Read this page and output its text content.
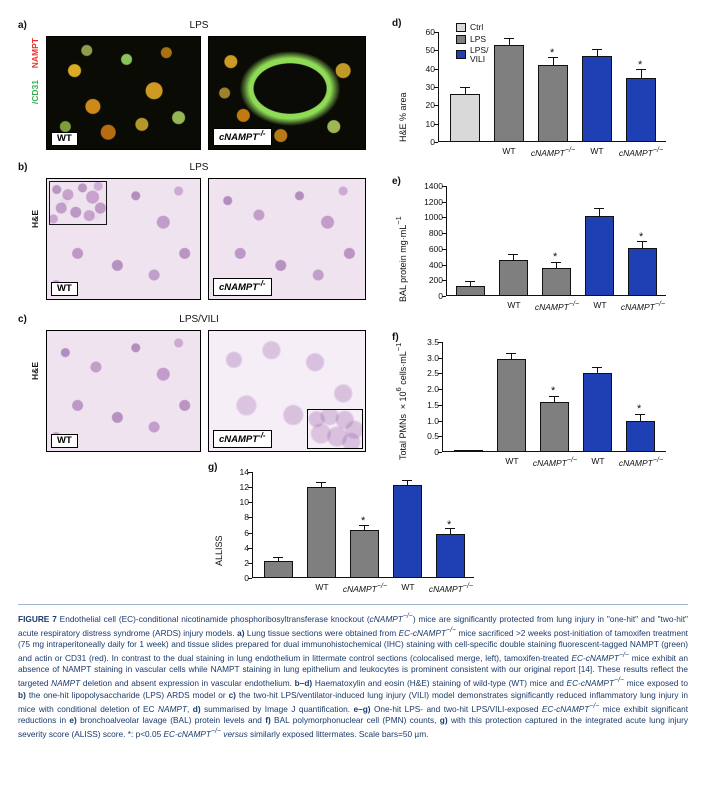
a)	LPS
NAMPT
/CD31
WT	cNAMPT-/-
b)	LPS
H&E
WT	cNAMPT-/-
c)	LPS/VILI
H&E
WT	cNAMPT-/-
d)
H&E % area
Ctrl
LPS
LPS/
VILI
0
10
20
30
40
50
60
*
*
WT	cNAMPT−/−	WT	cNAMPT−/−
e)
BAL protein $mg\cdot mL^{-1}$
0
200
400
600
800
1000
1200
1400
*
*
WT	cNAMPT−/−	WT	cNAMPT−/−
f)
Total PMNs $\times 10^6$ $cells\cdot mL^{-1}$
0
0.5
1.0
1.5
2.0
2.5
3.0
3.5
*
*
WT	cNAMPT−/−	WT	cNAMPT−/−
g)
ALLISS
0
2
4
6
8
10
12
14
*	*
WT	cNAMPT−/−	WT	cNAMPT−/−
FIGURE 7 Endothelial cell (EC)-conditional nicotinamide phosphoribosyltransferase knockout (cNAMPT−/−) mice are significantly protected from lung injury in "one-hit" and "two-hit" acute respiratory distress syndrome (ARDS) injury models. a) Lung tissue sections were obtained from EC-cNAMPT−/− mice sacrificed >2 weeks post-initiation of tamoxifen treatment (75 mg intraperitoneally daily for 1 week) and tissue slides prepared for dual immunohistochemical (IHC) staining with cell-specific double staining fluorescent-tagged NAMPT (green) and actin or CD31 (red). In contrast to the dual staining in lung endothelium in littermate control sections (colocalised merge, left), tamoxifen-treated EC-cNAMPT−/− mice exhibit an absence of NAMPT staining in vascular cells while NAMPT staining in lung epithelium and leukocytes is prominent consistent with our original report [14]. These results reflect the targeted NAMPT deletion and absent expression in vascular endothelium. b–d) Haematoxylin and eosin (H&E) staining of wild-type (WT) mice and EC-cNAMPT−/− mice exposed to b) the one-hit lipopolysaccharide (LPS) ARDS model or c) the two-hit LPS/ventilator-induced lung injury (VILI) model demonstrates significantly reduced inflammatory lung injury in mice with conditional deletion of EC NAMPT, d) summarised by Image J quantification. e–g) One-hit LPS- and two-hit LPS/VILI-exposed EC-cNAMPT−/− mice exhibit significant reductions in e) bronchoalveolar lavage (BAL) protein levels and f) BAL polymorphonuclear cell (PMN) counts, g) with this protection captured in the integrated acute lung injury severity score (ALISS) score. *: p<0.05 EC-cNAMPT−/− versus similarly exposed littermates. Scale bars=50 µm.
